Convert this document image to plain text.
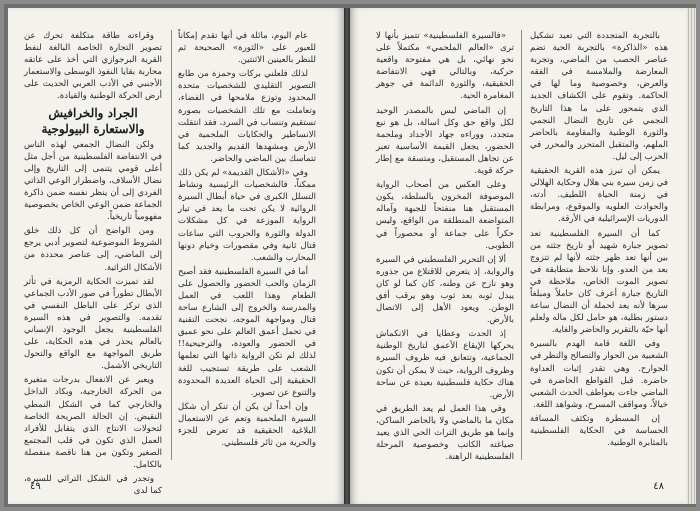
عام اليوم، مائلة في أنها تقدم إمكاناً للعبور على «الثورة» الصحيحة ثم للنظر بالعينين الاثنتين.

لذلك فلعلني بركات وحمزة من طابع التصوير التقليدي للشخصيات متحدة المحدود وتوزع ملامحها في الفضاء، وتعاملت مع تلك الشخصيات بصورة تستقيم وتنساب في السرد، فقد انتقلت الانساطير والحكايات الملحمية في الأرض ومشهدها القديم والجديد كما تتماسك بين الماضي والحاضر.

وفي «الأشكال القديمة» لم يكن ذلك ممكناً، فالشخصيات الرئيسية ونشاط التسلل الكبرى في حياة أبطال السيرة الروائية لا يكن تحت ما يعد في تيار الرواية الموزعة في كل مشكلات الدولة والثورة والحروب التي ساعات قتال ثانية وفي مقصورات وخيام دونها المحارب والشعب.

أما في السيرة الفلسطينية فقد أصبح الزمان والحب الحضور والحصول على الطعام وهذا اللعب في العمل والمدرسة والخروج إلى الشارع ساحة قتال ومواجهة الموجه، نجحت التقنية في تحمل أعمق العالم على نحو عميق في الحضور والعودة، والترجيحية!! لذلك لم تكن الرواية ذاتها التي تعلمها الشعب على طريقة تستجيب للغة الحقيقية إلى الحياة العديدة المحدودة والتنوع عن تصوير.

وإن أحداً لن يكن أن تنكر أن شكل السيرة الملحمية وتعم عن الاستعمال البلاغية الحقيقية قد تعرض للجزء والحرية من ثائر فلسطيني.

وقراءته طاقة متكلفة تحرك عن تصوير التجارة الخاصة البالغة لنفط القرية البرجوازي التي أخذ على عاتقه محاربة بقايا النفوذ الوسطى والاستعمار الأجنبي في الأدب العربي الحديث على أرض الحركة الوطنية والقيادة.

الجراد والخرافيش والاستعارة البيولوجية

ولكن النضال الجمعي لهذه الناس في الانتفاضة الفلسطينية من أجل مثل أعلى قومي يتنمى إلى التاريخ وإلى نضال الأسلاف، واضطرار الوعي الذاتي الفردي إلى أن ينظر نفسه ضمن ذاكرة الجماعة ضمن الوعي الخاص بخصوصية مفهومياً تاريخياً.

ومن الواضح أن كل ذلك خلق الشروط الموضوعية لتصوير أدبي يرجع إلى الماضي، إلى عناصر محددة من الأشكال التراثية.

لقد تميزت الحكاية الرمزية في تأثر الأبطال تطوراً في صور الأدب الجماعي الذي تركز على الباطل النفسي في تقدمه. والتصوير في هذه السيرة الفلسطينية يجعل الوجود الإنساني بالعالم يحذر في هذه الحكاية، على طريق المواجهة مع الواقع والتحول التاريخي الأشمل.

ويعبر عن الانفعال بدرجات متغيرة من الحركة الخارجية، وبكاد الداخل والخارجي كما في الشكل النمطي النقيض. إن الحالة الصريحة الخاصة لتحولات الانتاج الذي يتقابل للأفراد العمل الذي تكون في قلب المجتمع الصغير وتكون من هنا ناقصة منفصلة بالكامل.

وتجدر في الشكل التراثي للسيرة، كما لدى

٤٩

بالتجربة المتجددة التي تعيد تشكيل هذه «الذاكرة» بالتجربة الحية تضم عناصر الحصب من الماضي، وتجربة المعارضة والملامسة في الفقه والعرض، وخصوصية وما لها في الحاكمة. وتقوم على الكشاف الجديد الذي يتمحور على ما هذا التاريخ النجمي عن تاريخ النضال النجمي والثورة الوطنية والمقاومة بالحاضر الملهم، والمتقبل المتحرر والمحرر في الحرب إلى ليل.

يمكن أن تبرز هذه القرية الحقيقية في زمن سيرة بني هلال وحكاية الهلالي في زمنة الحياة اللطيف. أدته، والحوادث العلويه والموقوع، ومرابطة الدوريات الإسرائيلية في الأرقة.

كما أن السيرة الفلسطينية تعد تصوير جبارة شهيد أو تاريخ جثته من بين أنها تعد ظهر جثته لأنها لم تتزوج بعد من العدو. وإنا نلاحظ متطابقة في تصوير الموت الخاص، ملاحظة في التاريخ جبارة أعرف كان حاملاً ومبلغاً سرها لأنه يعد لحملة أن النضال ساعة دستور بطلية، هو حامل لكل ماله ولعلم أنها حيّة بالتقرير والحاضر والغاية.

وفي اللغة قامة الهدم بالسيرة الشعبية من الحوار والتصالح والنظر في الجوارح. وهي تقدر إثبات العداوة حاضرة. قبل القواطع الحاضرة في الماضي جاءت بعواطف الحدث الشعبي خيالاً، ومواقف المسرح، وشواهد اللغة.

إن المسطرة وتكثف المسافة الحساسة في الحكاية الفلسطينية بالمثابرة الوطنية.

«فالسيرة الفلسطينية» تتميز بأنها لا ترى «العالم الملحمي» مكتملاً على نحو نهائي، بل هي مفتوحة واقعية حركية، وبالتالي فهي الانتفاضة الحقيقية، والثورة الدائمة في جوهر المغامرة الحية.

إن الماضي ليس بالمصدر الوحيد لكل واقع حق وكل اسالة، بل هو نبع متجدد، ووراءه جهاد الأجداد وملحمة الحضور، يجعل القيمة الأساسية تعبر عن تجاهل المستقبل، ومتسقة مع إطار حركة قوية.

وعلى العكس من أصحاب الرواية الموصوفة المخرون بالسلطة، يكون المستقبل هنا منفتحاً للجبهة وآماله المتواضعة المنطلقة من الواقع، وليس حكراً على جماعة أو محصوراً في الطوبى.

ألا إن التحرير الفلسطيني في السيرة والرواية، إذ يتعرض للاقتلاع من جذوره وهو نازح عن وطنه، كان كما لو كان يبدل ثوبه بعد ثوب وهو يرقب أفق الوطن. ويعود الأهل إلى الاتصال بالأرض.

إذ الحدث وعطايا في الانكماش يحركها الإيقاع الأعمق لتاريخ الوطنية الجماعية، وتتعانق فيه ظروف السيرة وظروف الرواية، حيث لا يمكن أن تكون هناك حكاية فلسطينية بعيدة عن ساحة الأرض.

وفي هذا العمل لم يعد الطريق في مكان ما بالماضي ولا بالحاضر الساكن، وإنما هو طريق التراث الحي الذي يعيد صياغته الكاتب وخصوصية المرحلة الفلسطينية الراهنة.

٤٨
